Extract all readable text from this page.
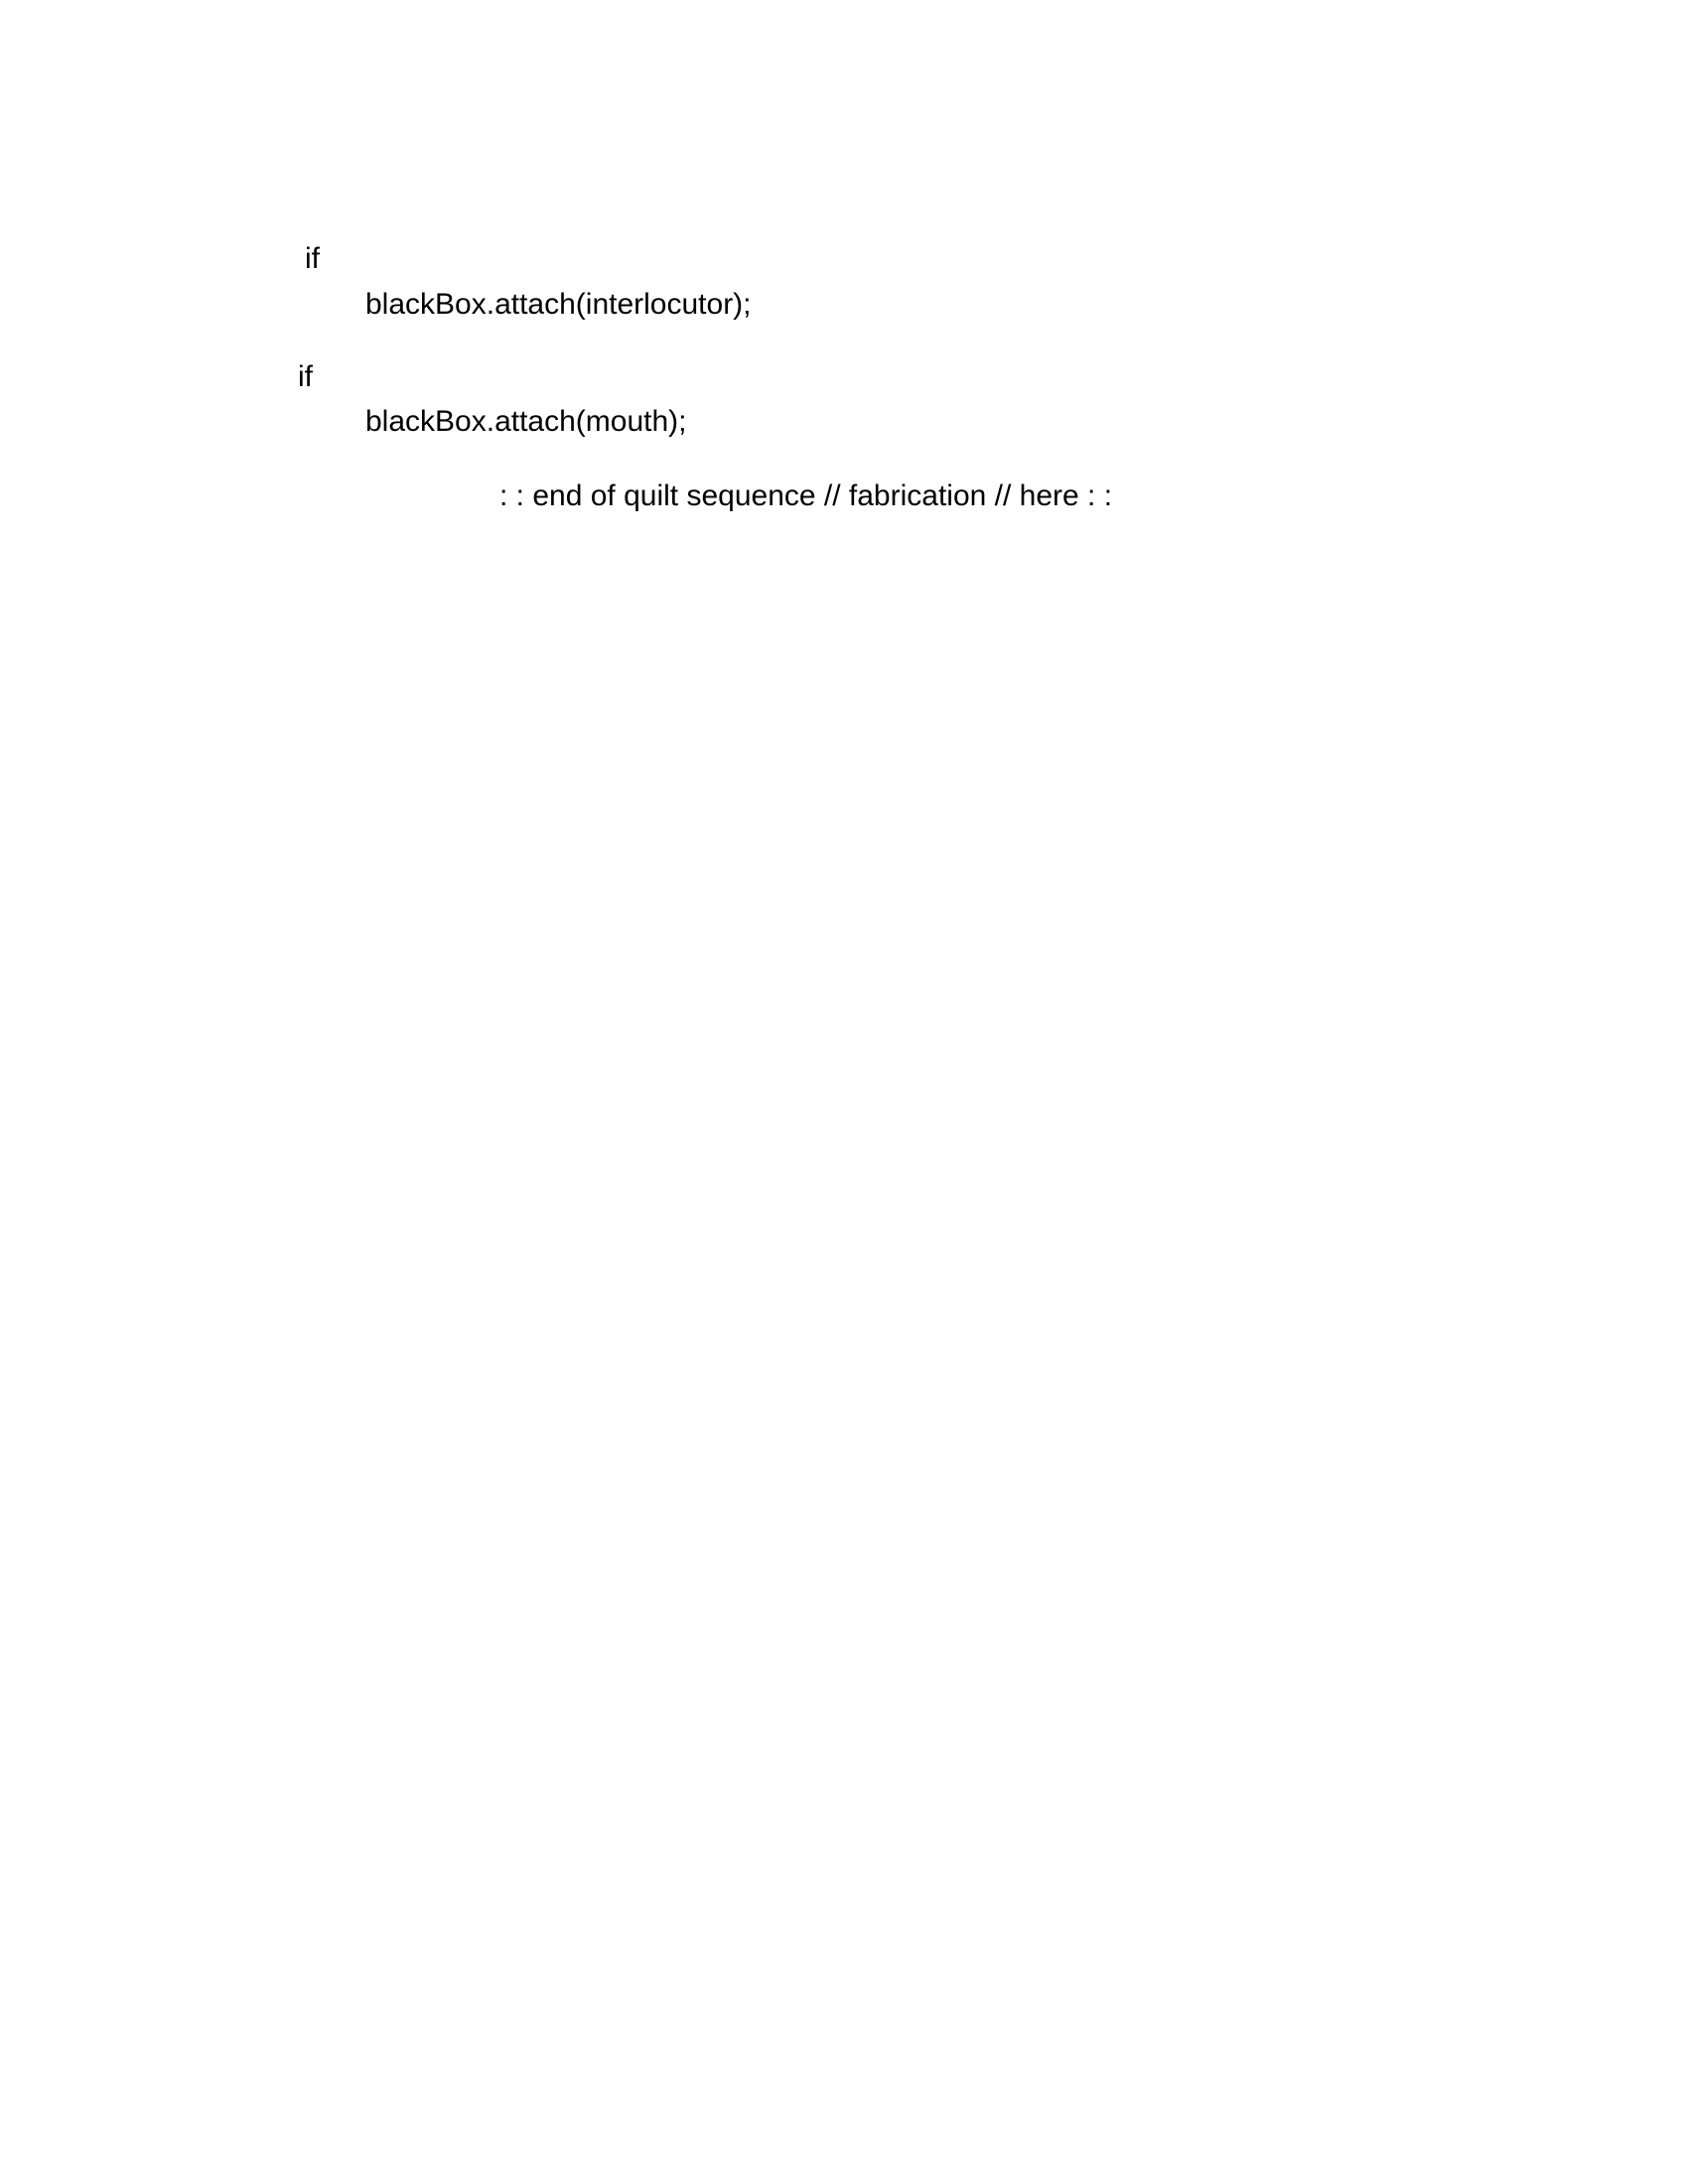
if
blackBox.attach(interlocutor);
if
blackBox.attach(mouth);
: : end of quilt sequence // fabrication // here : :
